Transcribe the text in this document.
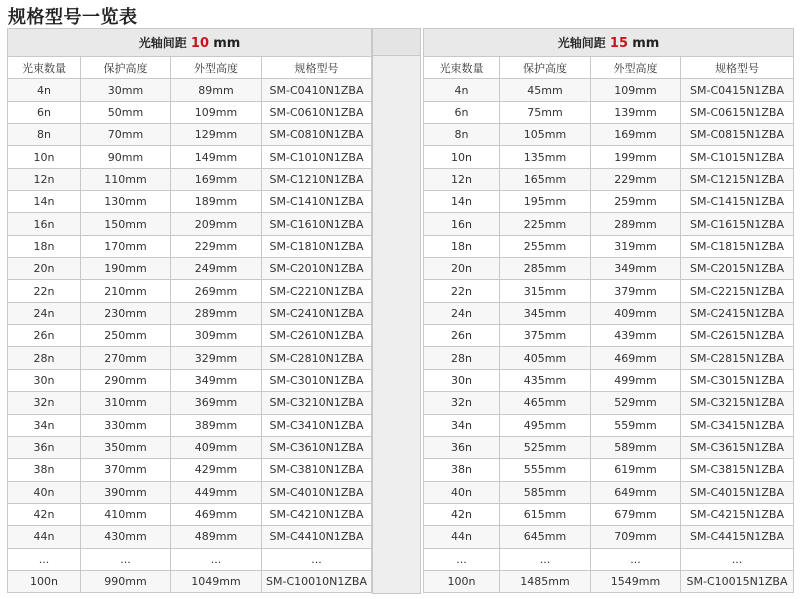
规格型号一览表
光轴间距 10 mm			
光束数量	保护高度	外型高度	规格型号
4n	30mm	89mm	SM-C0410N1ZBA
6n	50mm	109mm	SM-C0610N1ZBA
8n	70mm	129mm	SM-C0810N1ZBA
10n	90mm	149mm	SM-C1010N1ZBA
12n	110mm	169mm	SM-C1210N1ZBA
14n	130mm	189mm	SM-C1410N1ZBA
16n	150mm	209mm	SM-C1610N1ZBA
18n	170mm	229mm	SM-C1810N1ZBA
20n	190mm	249mm	SM-C2010N1ZBA
22n	210mm	269mm	SM-C2210N1ZBA
24n	230mm	289mm	SM-C2410N1ZBA
26n	250mm	309mm	SM-C2610N1ZBA
28n	270mm	329mm	SM-C2810N1ZBA
30n	290mm	349mm	SM-C3010N1ZBA
32n	310mm	369mm	SM-C3210N1ZBA
34n	330mm	389mm	SM-C3410N1ZBA
36n	350mm	409mm	SM-C3610N1ZBA
38n	370mm	429mm	SM-C3810N1ZBA
40n	390mm	449mm	SM-C4010N1ZBA
42n	410mm	469mm	SM-C4210N1ZBA
44n	430mm	489mm	SM-C4410N1ZBA
...	...	...	...
100n	990mm	1049mm	SM-C10010N1ZBA
光轴间距 15 mm			
光束数量	保护高度	外型高度	规格型号
4n	45mm	109mm	SM-C0415N1ZBA
6n	75mm	139mm	SM-C0615N1ZBA
8n	105mm	169mm	SM-C0815N1ZBA
10n	135mm	199mm	SM-C1015N1ZBA
12n	165mm	229mm	SM-C1215N1ZBA
14n	195mm	259mm	SM-C1415N1ZBA
16n	225mm	289mm	SM-C1615N1ZBA
18n	255mm	319mm	SM-C1815N1ZBA
20n	285mm	349mm	SM-C2015N1ZBA
22n	315mm	379mm	SM-C2215N1ZBA
24n	345mm	409mm	SM-C2415N1ZBA
26n	375mm	439mm	SM-C2615N1ZBA
28n	405mm	469mm	SM-C2815N1ZBA
30n	435mm	499mm	SM-C3015N1ZBA
32n	465mm	529mm	SM-C3215N1ZBA
34n	495mm	559mm	SM-C3415N1ZBA
36n	525mm	589mm	SM-C3615N1ZBA
38n	555mm	619mm	SM-C3815N1ZBA
40n	585mm	649mm	SM-C4015N1ZBA
42n	615mm	679mm	SM-C4215N1ZBA
44n	645mm	709mm	SM-C4415N1ZBA
...	...	...	...
100n	1485mm	1549mm	SM-C10015N1ZBA
